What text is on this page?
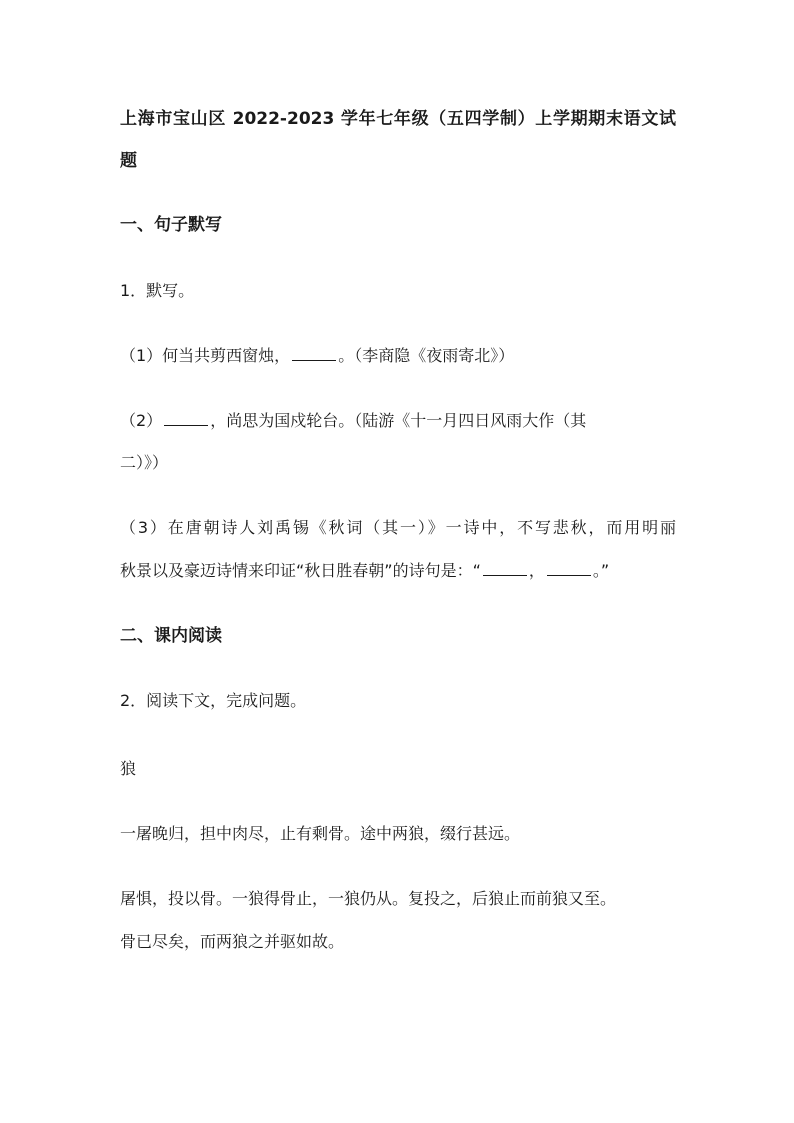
上海市宝山区 2022-2023 学年七年级（五四学制）上学期期末语文试
题
一、句子默写
1．默写。
（1）何当共剪西窗烛，	。（李商隐《夜雨寄北》）
（2）	，尚思为国戍轮台。（陆游《十一月四日风雨大作（其
二）》）
（3）在唐朝诗人刘禹锡《秋词（其一）》一诗中，不写悲秋，而用明丽
秋景以及豪迈诗情来印证“秋日胜春朝”的诗句是：“	，	。”
二、课内阅读
2．阅读下文，完成问题。
狼
一屠晚归，担中肉尽，止有剩骨。途中两狼，缀行甚远。
屠惧，投以骨。一狼得骨止，一狼仍从。复投之，后狼止而前狼又至。
骨已尽矣，而两狼之并驱如故。
